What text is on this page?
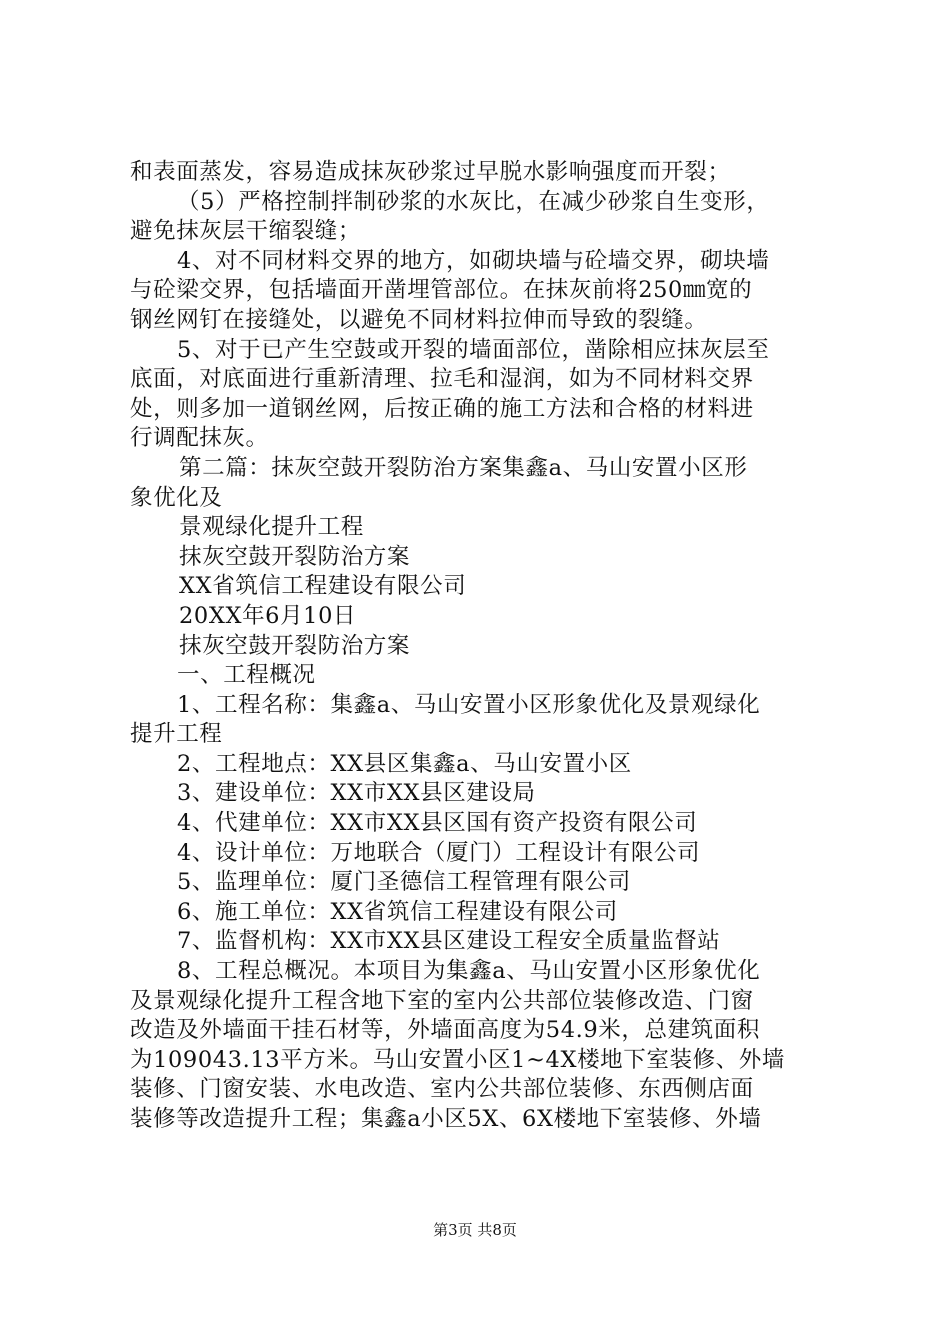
和表面蒸发，容易造成抹灰砂浆过早脱水影响强度而开裂；
（5）严格控制拌制砂浆的水灰比，在减少砂浆自生变形，
避免抹灰层干缩裂缝；
4、对不同材料交界的地方，如砌块墙与砼墙交界，砌块墙
与砼梁交界，包括墙面开凿埋管部位。在抹灰前将250㎜宽的
钢丝网钉在接缝处，以避免不同材料拉伸而导致的裂缝。
5、对于已产生空鼓或开裂的墙面部位，凿除相应抹灰层至
底面，对底面进行重新清理、拉毛和湿润，如为不同材料交界
处，则多加一道钢丝网，后按正确的施工方法和合格的材料进
行调配抹灰。
第二篇：抹灰空鼓开裂防治方案集鑫a、马山安置小区形
象优化及
景观绿化提升工程
抹灰空鼓开裂防治方案
XX省筑信工程建设有限公司
20XX年6月10日
抹灰空鼓开裂防治方案
一、工程概况
1、工程名称：集鑫a、马山安置小区形象优化及景观绿化
提升工程
2、工程地点：XX县区集鑫a、马山安置小区
3、建设单位：XX市XX县区建设局
4、代建单位：XX市XX县区国有资产投资有限公司
4、设计单位：万地联合（厦门）工程设计有限公司
5、监理单位：厦门圣德信工程管理有限公司
6、施工单位：XX省筑信工程建设有限公司
7、监督机构：XX市XX县区建设工程安全质量监督站
8、工程总概况。本项目为集鑫a、马山安置小区形象优化
及景观绿化提升工程含地下室的室内公共部位装修改造、门窗
改造及外墙面干挂石材等，外墙面高度为54.9米，总建筑面积
为109043.13平方米。马山安置小区1~4X楼地下室装修、外墙
装修、门窗安装、水电改造、室内公共部位装修、东西侧店面
装修等改造提升工程；集鑫a小区5X、6X楼地下室装修、外墙
第3页 共8页
